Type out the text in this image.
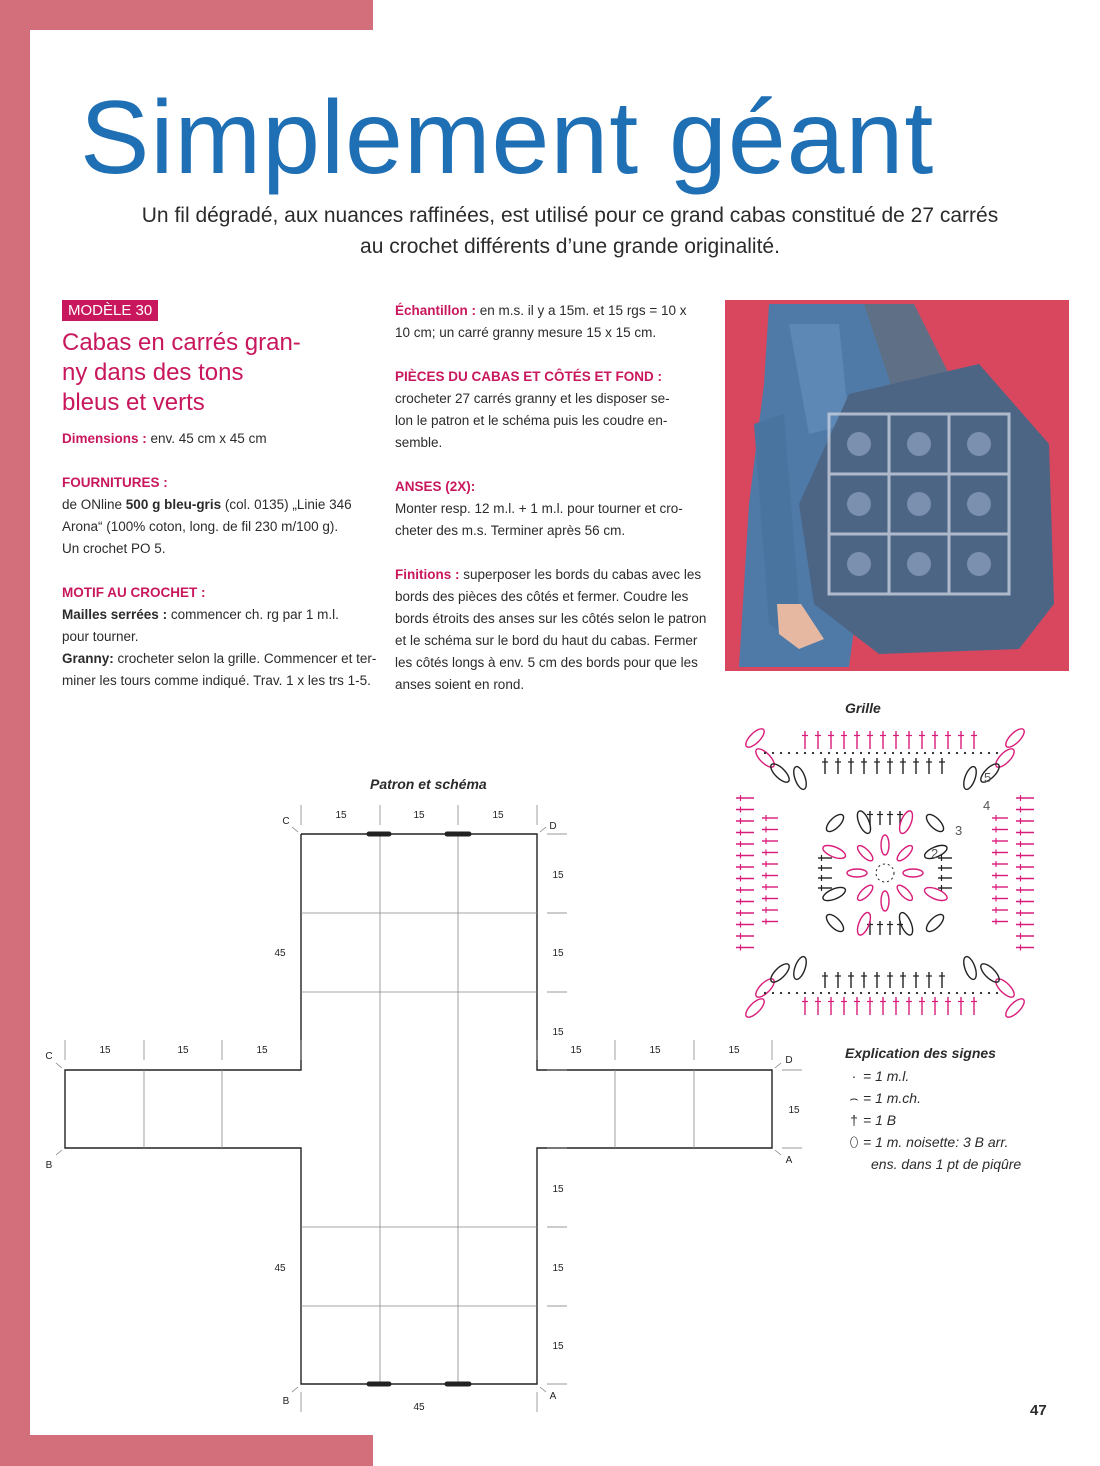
Simplement géant
Un fil dégradé, aux nuances raffinées, est utilisé pour ce grand cabas constitué de 27 carrés
au crochet différents d’une grande originalité.
MODÈLE 30
Cabas en carrés gran-
ny dans des tons
bleus et verts

Dimensions : env. 45 cm x 45 cm

FOURNITURES :

de ONline 500 g bleu-gris (col. 0135) „Linie 346

Arona“ (100% coton, long. de fil 230 m/100 g).

Un crochet PO 5.

MOTIF AU CROCHET :

Mailles serrées : commencer ch. rg par 1 m.l.

pour tourner.

Granny: crocheter selon la grille. Commencer et ter-

miner les tours comme indiqué. Trav. 1 x les trs 1-5.

Échantillon : en m.s. il y a 15m. et 15 rgs = 10 x

10 cm; un carré granny mesure 15 x 15 cm.

PIÈCES DU CABAS ET CÔTÉS ET FOND :

crocheter 27 carrés granny et les disposer se-

lon le patron et le schéma puis les coudre en-

semble.

ANSES (2X):

Monter resp. 12 m.l. + 1 m.l. pour tourner et cro-

cheter des m.s. Terminer après 56 cm.

Finitions : superposer les bords du cabas avec les

bords des pièces des côtés et fermer. Coudre les

bords étroits des anses sur les côtés selon le patron

et le schéma sur le bord du haut du cabas. Fermer

les côtés longs à env. 5 cm des bords pour que les

anses soient en rond.

Grille
5
4
3
2
Explication des signes
· = 1 m.l.
⌢ = 1 m.ch.
† = 1 B
⬯ = 1 m. noisette: 3 B arr.
ens. dans 1 pt de piqûre
Patron et schéma
15	15	15
15
15
15
45
15	15	15	15	15	15
15
15
15
15
45
45
C	D
C
B
D
A
B	A
47
